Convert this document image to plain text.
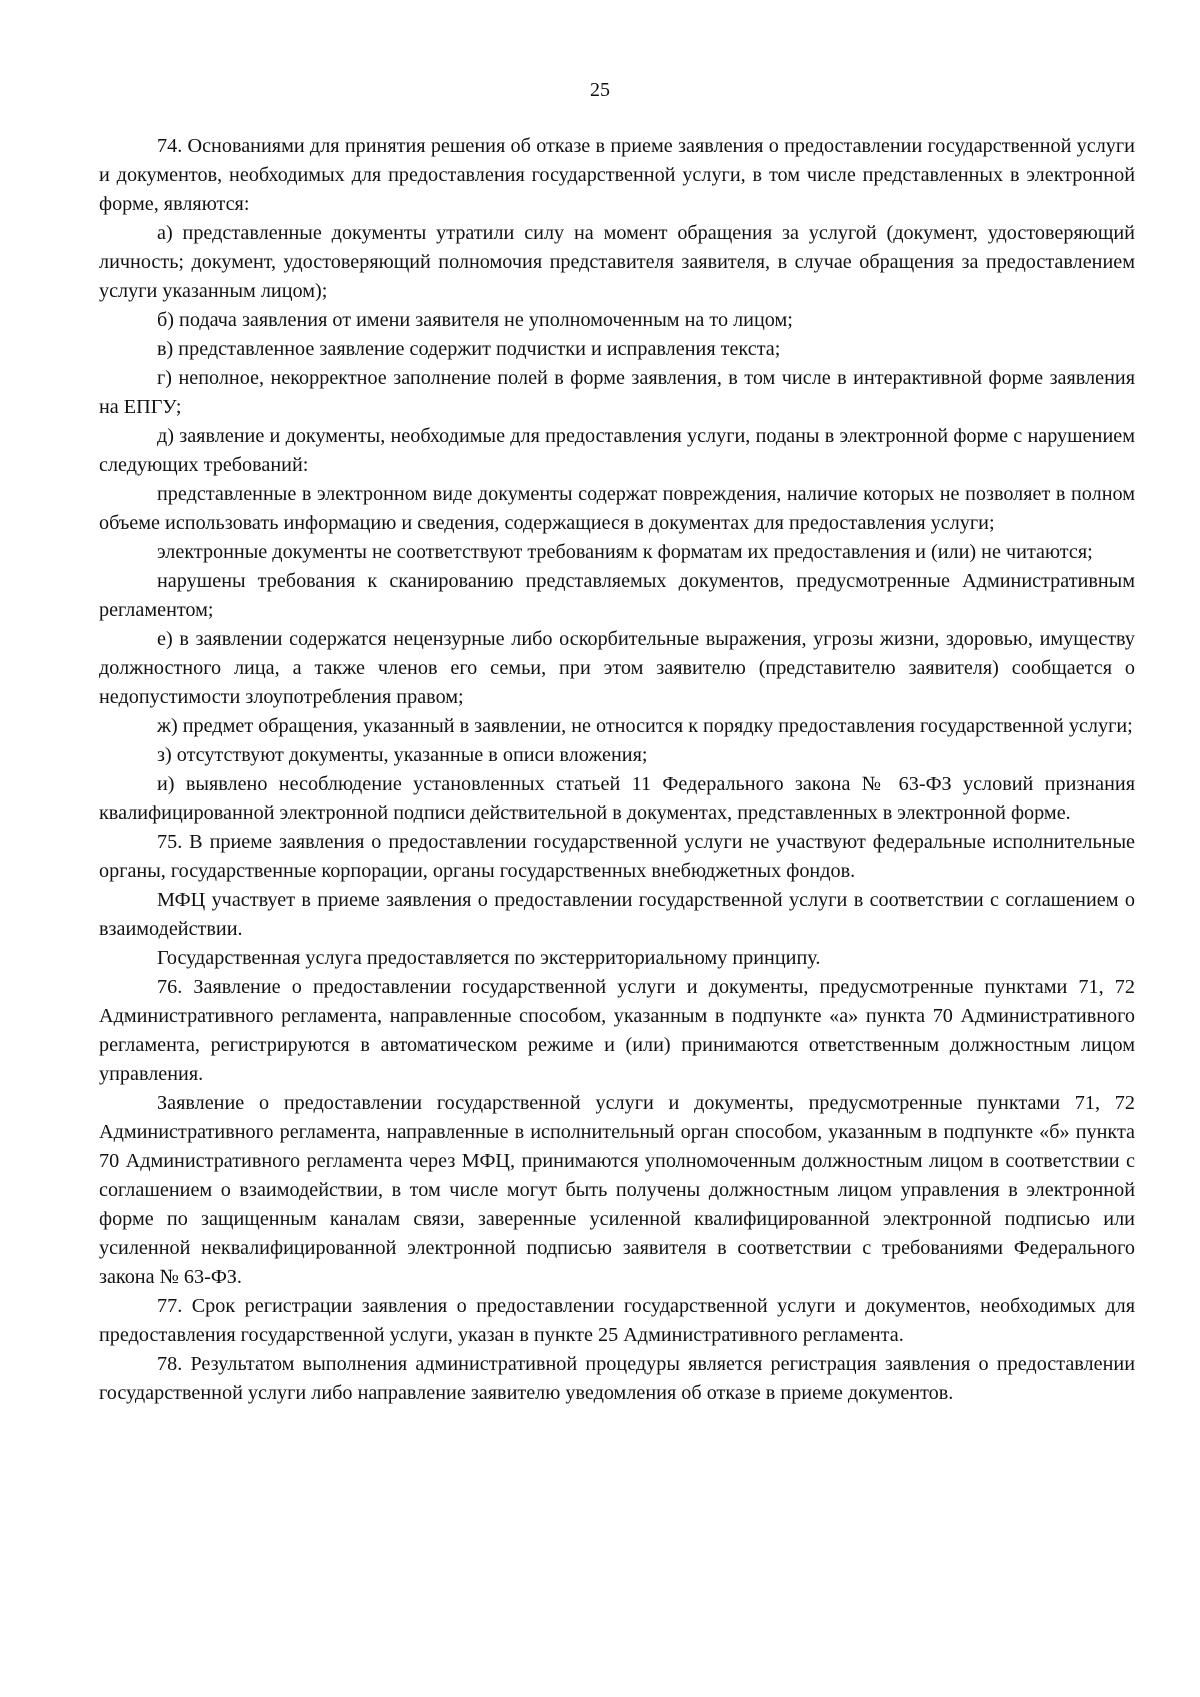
25

74. Основаниями для принятия решения об отказе в приеме заявления о предоставлении государственной услуги и документов, необходимых для предоставления государственной услуги, в том числе представленных в электронной форме, являются:

а) представленные документы утратили силу на момент обращения за услугой (документ, удостоверяющий личность; документ, удостоверяющий полномочия представителя заявителя, в случае обращения за предоставлением услуги указанным лицом);

б) подача заявления от имени заявителя не уполномоченным на то лицом;

в) представленное заявление содержит подчистки и исправления текста;

г) неполное, некорректное заполнение полей в форме заявления, в том числе в интерактивной форме заявления на ЕПГУ;

д) заявление и документы, необходимые для предоставления услуги, поданы в электронной форме с нарушением следующих требований:

представленные в электронном виде документы содержат повреждения, наличие которых не позволяет в полном объеме использовать информацию и сведения, содержащиеся в документах для предоставления услуги;

электронные документы не соответствуют требованиям к форматам их предоставления и (или) не читаются;

нарушены требования к сканированию представляемых документов, предусмотренные Административным регламентом;

е) в заявлении содержатся нецензурные либо оскорбительные выражения, угрозы жизни, здоровью, имуществу должностного лица, а также членов его семьи, при этом заявителю (представителю заявителя) сообщается о недопустимости злоупотребления правом;

ж) предмет обращения, указанный в заявлении, не относится к порядку предоставления государственной услуги;

з) отсутствуют документы, указанные в описи вложения;

и) выявлено несоблюдение установленных статьей 11 Федерального закона № 63-ФЗ условий признания квалифицированной электронной подписи действительной в документах, представленных в электронной форме.

75. В приеме заявления о предоставлении государственной услуги не участвуют федеральные исполнительные органы, государственные корпорации, органы государственных внебюджетных фондов.

МФЦ участвует в приеме заявления о предоставлении государственной услуги в соответствии с соглашением о взаимодействии.

Государственная услуга предоставляется по экстерриториальному принципу.

76. Заявление о предоставлении государственной услуги и документы, предусмотренные пунктами 71, 72 Административного регламента, направленные способом, указанным в подпункте «а» пункта 70 Административного регламента, регистрируются в автоматическом режиме и (или) принимаются ответственным должностным лицом управления.

Заявление о предоставлении государственной услуги и документы, предусмотренные пунктами 71, 72 Административного регламента, направленные в исполнительный орган способом, указанным в подпункте «б» пункта 70 Административного регламента через МФЦ, принимаются уполномоченным должностным лицом в соответствии с соглашением о взаимодействии, в том числе могут быть получены должностным лицом управления в электронной форме по защищенным каналам связи, заверенные усиленной квалифицированной электронной подписью или усиленной неквалифицированной электронной подписью заявителя в соответствии с требованиями Федерального закона № 63-ФЗ.

77. Срок регистрации заявления о предоставлении государственной услуги и документов, необходимых для предоставления государственной услуги, указан в пункте 25 Административного регламента.

78. Результатом выполнения административной процедуры является регистрация заявления о предоставлении государственной услуги либо направление заявителю уведомления об отказе в приеме документов.
